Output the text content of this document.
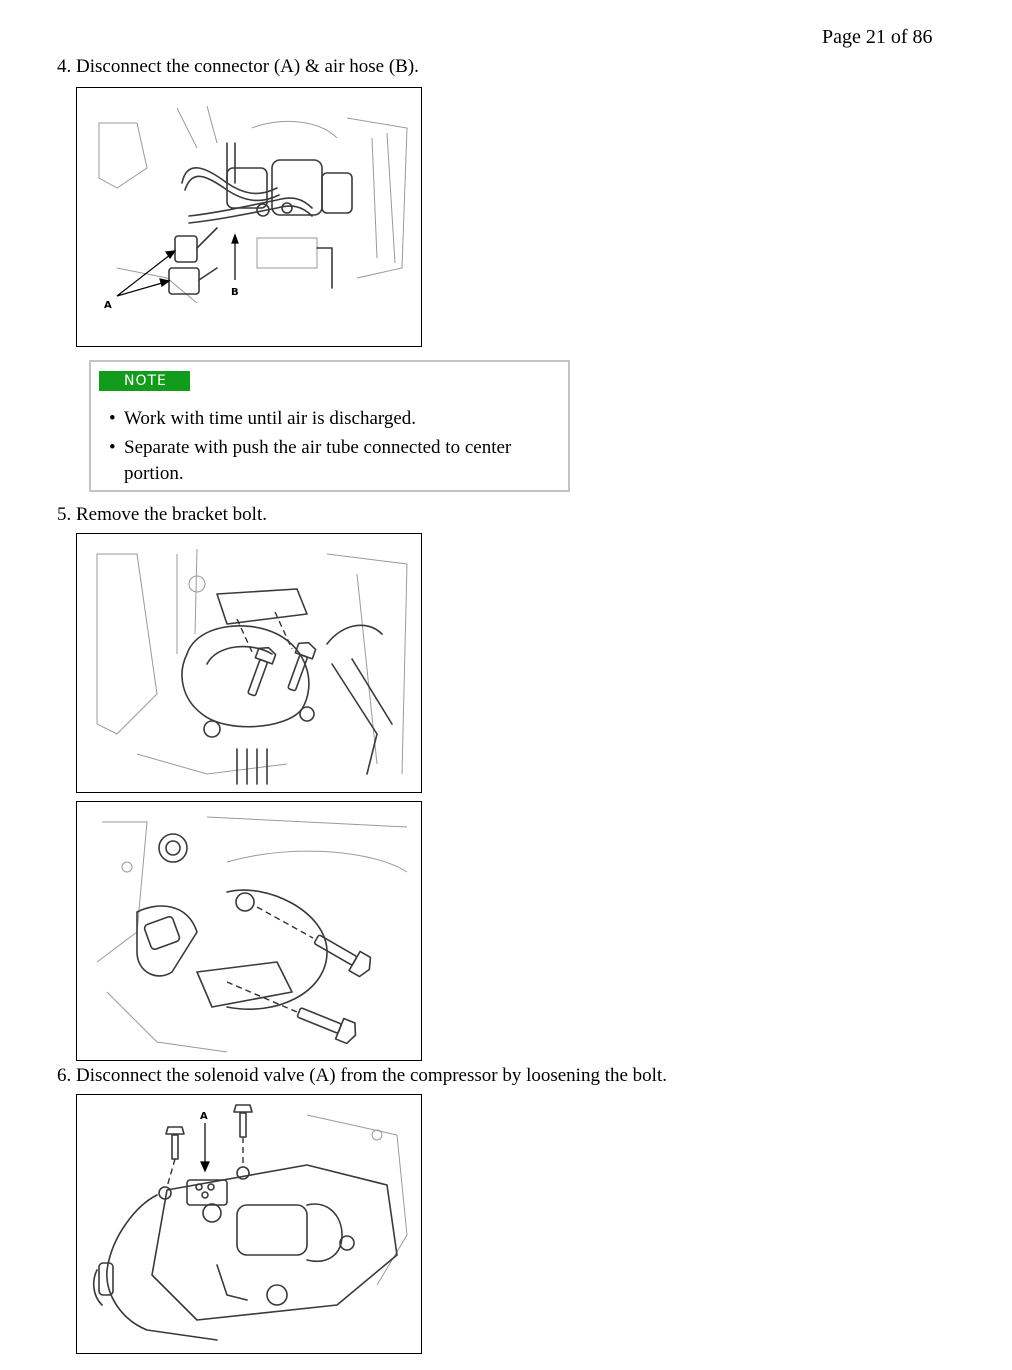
Page 21 of 86
4. Disconnect the connector (A) & air hose (B).
A
B
NOTE
• Work with time until air is discharged.
• Separate with push the air tube connected to center portion.
5. Remove the bracket bolt.
6. Disconnect the solenoid valve (A) from the compressor by loosening the bolt.
A
